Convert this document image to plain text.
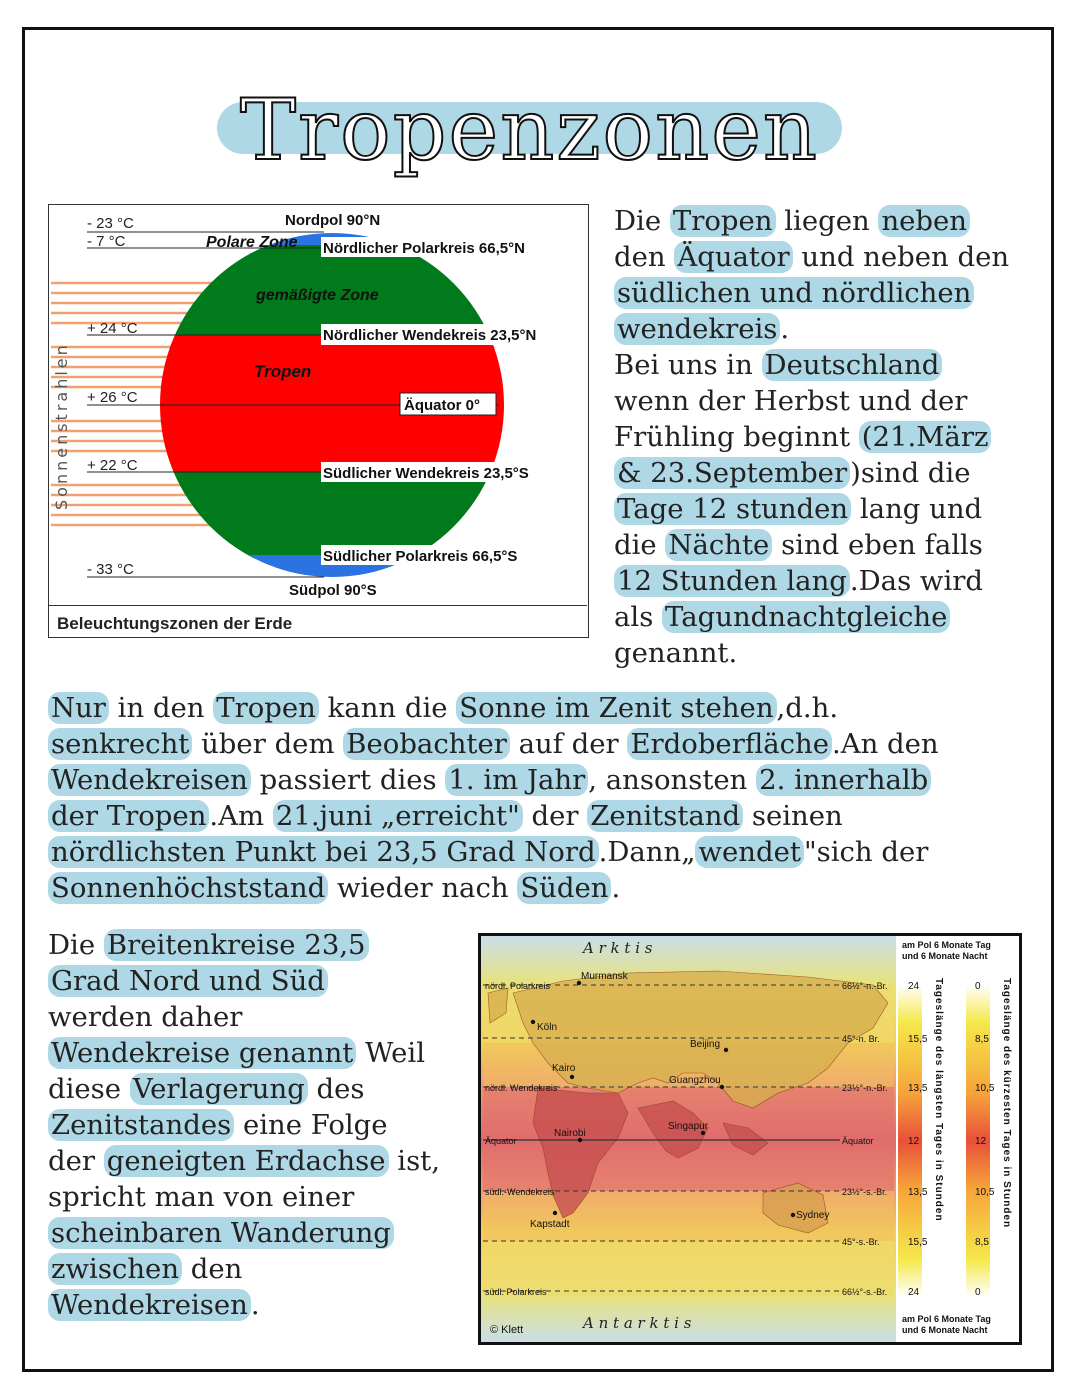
Tropenzonen
- 23 °C
- 7 °C
+ 24 °C
+ 26 °C
+ 22 °C
- 33 °C
Nordpol 90°N
Polare Zone Nördlicher Polarkreis 66,5°N
gemäßigte Zone
Nördlicher Wendekreis 23,5°N
Tropen
Äquator 0°
Südlicher Wendekreis 23,5°S
Südlicher Polarkreis 66,5°S
Südpol 90°S
Sonnenstrahlen
Beleuchtungszonen der Erde
Die Tropen liegen neben
den Äquator und neben den
südlichen und nördlichen
wendekreis .
Bei uns in Deutschland
wenn der Herbst und der
Frühling beginnt (21.März
& 23.September )sind die
Tage 12 stunden lang und
die Nächte sind eben falls
12 Stunden lang .Das wird
als Tagundnachtgleiche
genannt.
Nur in den Tropen kann die Sonne im Zenit stehen ,d.h.
senkrecht über dem Beobachter auf der Erdoberfläche .An den
Wendekreisen passiert dies 1. im Jahr , ansonsten 2. innerhalb
der Tropen .Am 21.juni „erreicht" der Zenitstand seinen
nördlichsten Punkt bei 23,5 Grad Nord .Dann„ wendet "sich der
Sonnenhöchststand wieder nach Süden .
Die Breitenkreise 23,5
Grad Nord und Süd
werden daher
Wendekreise genannt Weil
diese Verlagerung des
Zenitstandes eine Folge
der geneigten Erdachse ist,
spricht man von einer
scheinbaren Wanderung
zwischen den
Wendekreisen .
nördl. Polarkreis	66½°-n.-Br. 24	0
45°-n. Br.	15,5	8,5
nördl. Wendekreis	23½°-n.-Br. 13,5	10,5
Äquator	Äquator	12	12
südl.-Wendekreis	23½°-s.-Br. 13,5	10,5
45°-s.-Br.	15,5	8,5
südl. Polarkreis	66½°-s.-Br. 24	0
Murmansk
Köln
Beijing
Kairo
Guangzhou
Nairobi
Singapur
Sydney
Kapstadt
A r k t i s
A n t a r k t i s
© Klett
am Pol 6 Monate Tag
und 6 Monate Nacht
am Pol 6 Monate Tag
und 6 Monate Nacht
Tageslänge des längsten Tages in Stunden	Tageslänge des kürzesten Tages in Stunden
